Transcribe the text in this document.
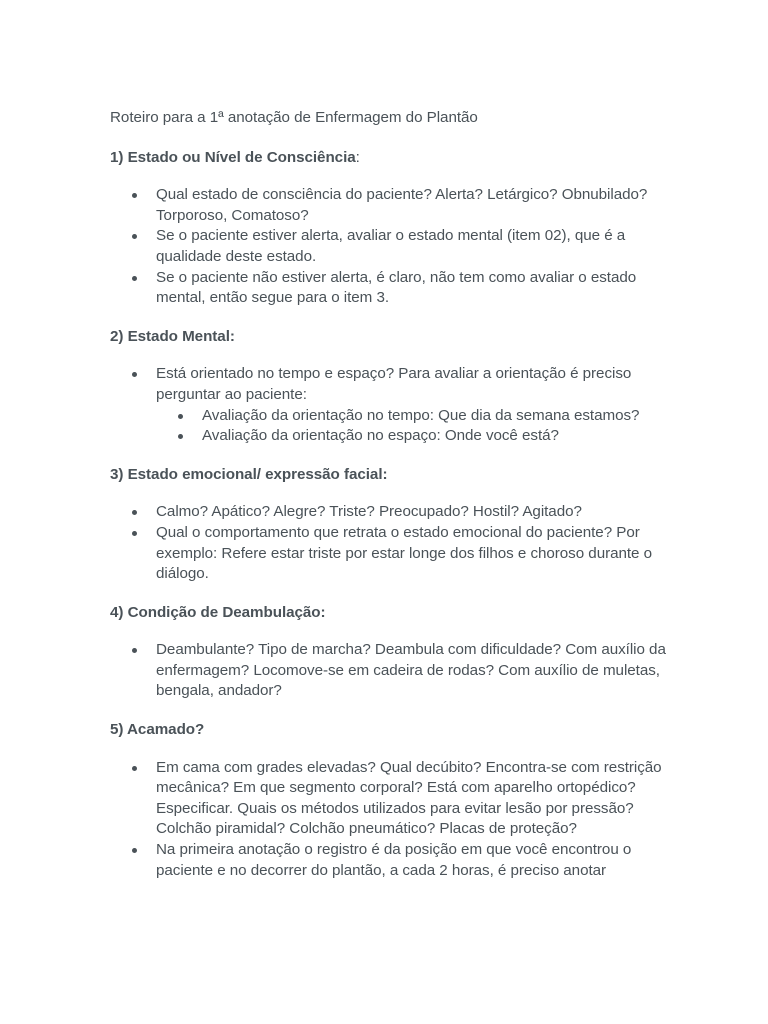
Roteiro para a 1ª anotação de Enfermagem do Plantão

1) Estado ou Nível de Consciência:

Qual estado de consciência do paciente? Alerta? Letárgico? Obnubilado? Torporoso, Comatoso?
Se o paciente estiver alerta, avaliar o estado mental (item 02), que é a qualidade deste estado.
Se o paciente não estiver alerta, é claro, não tem como avaliar o estado mental, então segue para o item 3.

2) Estado Mental:

Está orientado no tempo e espaço? Para avaliar a orientação é preciso perguntar ao paciente:
Avaliação da orientação no tempo: Que dia da semana estamos?
Avaliação da orientação no espaço: Onde você está?

3) Estado emocional/ expressão facial:

Calmo? Apático? Alegre? Triste? Preocupado? Hostil? Agitado?
Qual o comportamento que retrata o estado emocional do paciente? Por exemplo: Refere estar triste por estar longe dos filhos e choroso durante o diálogo.

4) Condição de Deambulação:

Deambulante? Tipo de marcha? Deambula com dificuldade? Com auxílio da enfermagem? Locomove-se em cadeira de rodas? Com auxílio de muletas, bengala, andador?

5) Acamado?

Em cama com grades elevadas? Qual decúbito? Encontra-se com restrição mecânica? Em que segmento corporal? Está com aparelho ortopédico? Especificar. Quais os métodos utilizados para evitar lesão por pressão? Colchão piramidal? Colchão pneumático? Placas de proteção?
Na primeira anotação o registro é da posição em que você encontrou o paciente e no decorrer do plantão, a cada 2 horas, é preciso anotar
